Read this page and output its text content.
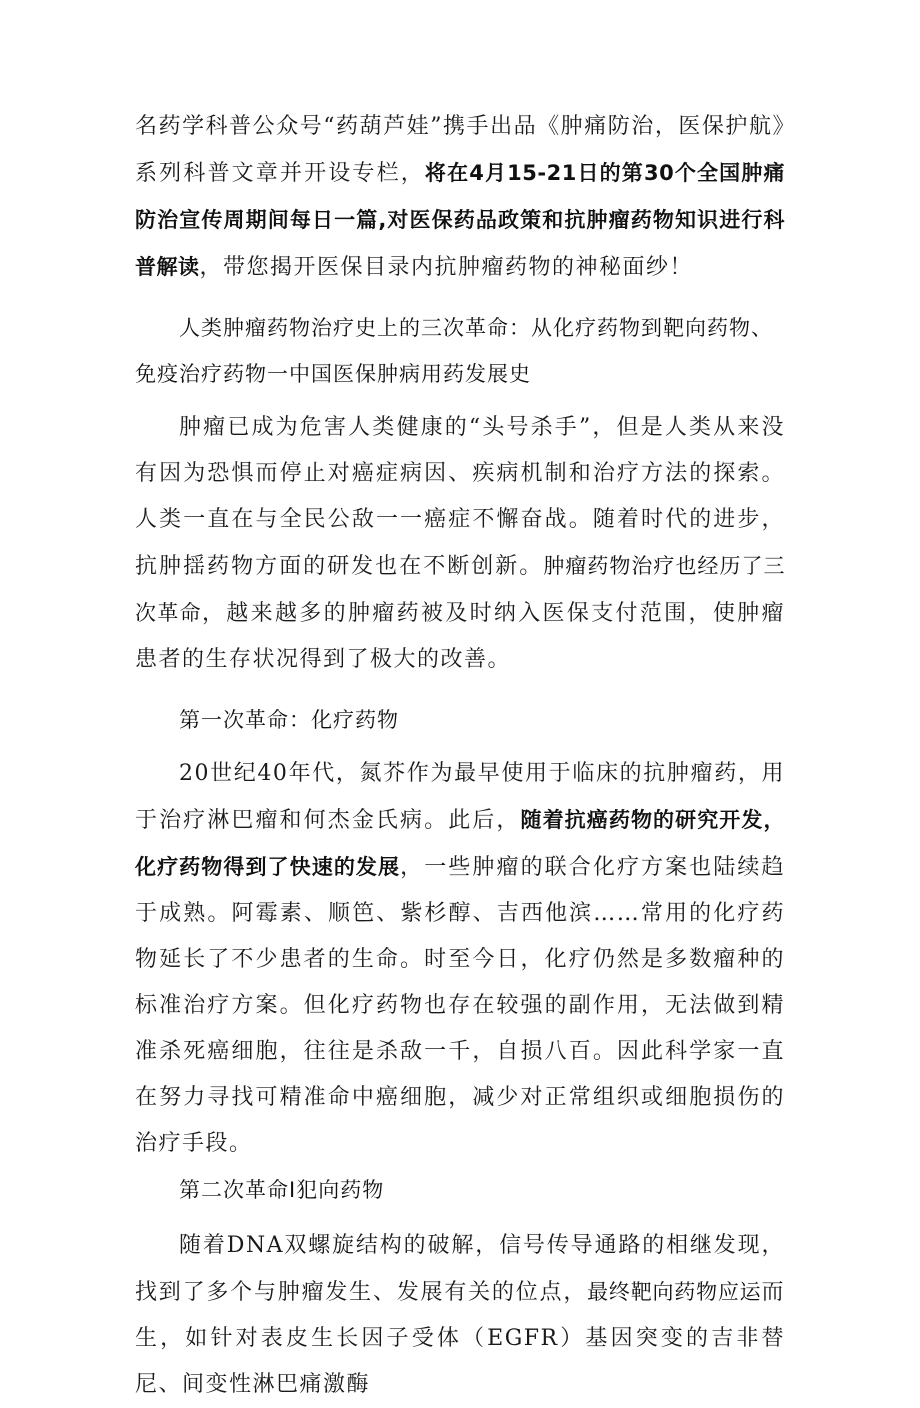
名药学科普公众号“药葫芦娃”携手出品《肿痛防治，医保护航》系列科普文章并开设专栏，将在4月15-21日的第30个全国肿痛防治宣传周期间每日一篇,对医保药品政策和抗肿瘤药物知识进行科普解读，带您揭开医保目录内抗肿瘤药物的神秘面纱！

人类肿瘤药物治疗史上的三次革命：从化疗药物到靶向药物、免疫治疗药物一中国医保肿病用药发展史

肿瘤已成为危害人类健康的“头号杀手”，但是人类从来没有因为恐惧而停止对癌症病因、疾病机制和治疗方法的探索。人类一直在与全民公敌一一癌症不懈奋战。随着时代的进步，抗肿揺药物方面的研发也在不断创新。肿瘤药物治疗也经历了三次革命，越来越多的肿瘤药被及时纳入医保支付范围，使肿瘤患者的生存状况得到了极大的改善。

第一次革命：化疗药物

20世纪40年代，氮芥作为最早使用于临床的抗肿瘤药，用于治疗淋巴瘤和何杰金氏病。此后，随着抗癌药物的研究开发，化疗药物得到了快速的发展，一些肿瘤的联合化疗方案也陆续趋于成熟。阿霉素、顺笆、紫杉醇、吉西他滨……常用的化疗药物延长了不少患者的生命。时至今日，化疗仍然是多数瘤种的标准治疗方案。但化疗药物也存在较强的副作用，无法做到精准杀死癌细胞，往往是杀敌一千，自损八百。因此科学家一直在努力寻找可精准命中癌细胞，减少对正常组织或细胞损伤的治疗手段。

第二次革命I犯向药物

随着DNA双螺旋结构的破解，信号传导通路的相继发现，找到了多个与肿瘤发生、发展有关的位点，最终靶向药物应运而生，如针对表皮生长因子受体（EGFR）基因突变的吉非替尼、间变性淋巴痛激酶
